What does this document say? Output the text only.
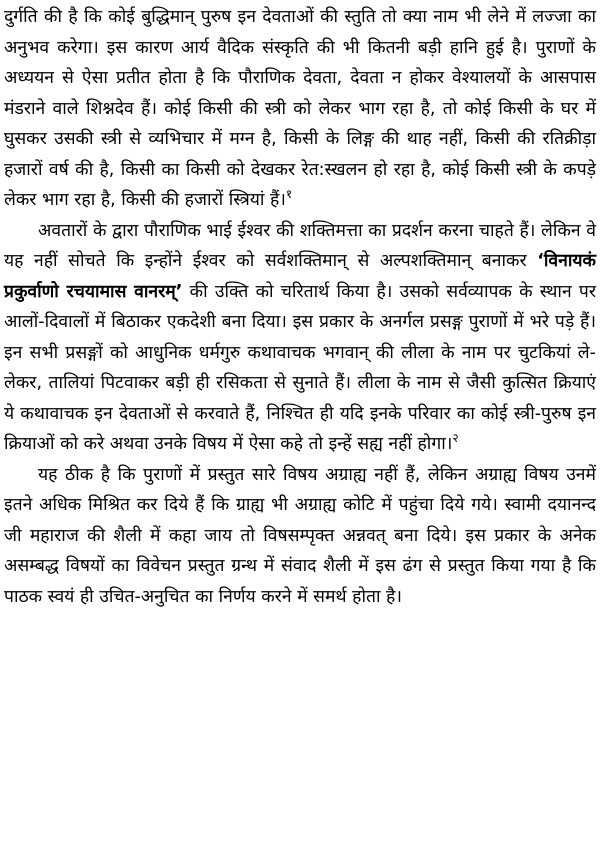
दुर्गति की है कि कोई बुद्धिमान् पुरुष इन देवताओं की स्तुति तो क्या नाम भी लेने में लज्जा का अनुभव करेगा। इस कारण आर्य वैदिक संस्कृति की भी कितनी बड़ी हानि हुई है। पुराणों के अध्ययन से ऐसा प्रतीत होता है कि पौराणिक देवता, देवता न होकर वेश्यालयों के आसपास मंडराने वाले शिश्नदेव हैं। कोई किसी की स्त्री को लेकर भाग रहा है, तो कोई किसी के घर में घुसकर उसकी स्त्री से व्यभिचार में मग्न है, किसी के लिङ्ग की थाह नहीं, किसी की रतिक्रीड़ा हजारों वर्ष की है, किसी का किसी को देखकर रेत:स्खलन हो रहा है, कोई किसी स्त्री के कपड़े लेकर भाग रहा है, किसी की हजारों स्त्रियां हैं।$^१$

अवतारों के द्वारा पौराणिक भाई ईश्वर की शक्तिमत्ता का प्रदर्शन करना चाहते हैं। लेकिन वे यह नहीं सोचते कि इन्होंने ईश्वर को सर्वशक्तिमान् से अल्पशक्तिमान् बनाकर ‘विनायकं प्रकुर्वाणो रचयामास वानरम्’ की उक्ति को चरितार्थ किया है। उसको सर्वव्यापक के स्थान पर आलों-दिवालों में बिठाकर एकदेशी बना दिया। इस प्रकार के अनर्गल प्रसङ्ग पुराणों में भरे पड़े हैं। इन सभी प्रसङ्गों को आधुनिक धर्मगुरु कथावाचक भगवान् की लीला के नाम पर चुटकियां ले-लेकर, तालियां पिटवाकर बड़ी ही रसिकता से सुनाते हैं। लीला के नाम से जैसी कुत्सित क्रियाएं ये कथावाचक इन देवताओं से करवाते हैं, निश्चित ही यदि इनके परिवार का कोई स्त्री-पुरुष इन क्रियाओं को करे अथवा उनके विषय में ऐसा कहे तो इन्हें सह्य नहीं होगा।$^२$

यह ठीक है कि पुराणों में प्रस्तुत सारे विषय अग्राह्य नहीं हैं, लेकिन अग्राह्य विषय उनमें इतने अधिक मिश्रित कर दिये हैं कि ग्राह्य भी अग्राह्य कोटि में पहुंचा दिये गये। स्वामी दयानन्द जी महाराज की शैली में कहा जाय तो विषसम्पृक्त अन्नवत् बना दिये। इस प्रकार के अनेक असम्बद्ध विषयों का विवेचन प्रस्तुत ग्रन्थ में संवाद शैली में इस ढंग से प्रस्तुत किया गया है कि पाठक स्वयं ही उचित-अनुचित का निर्णय करने में समर्थ होता है।
